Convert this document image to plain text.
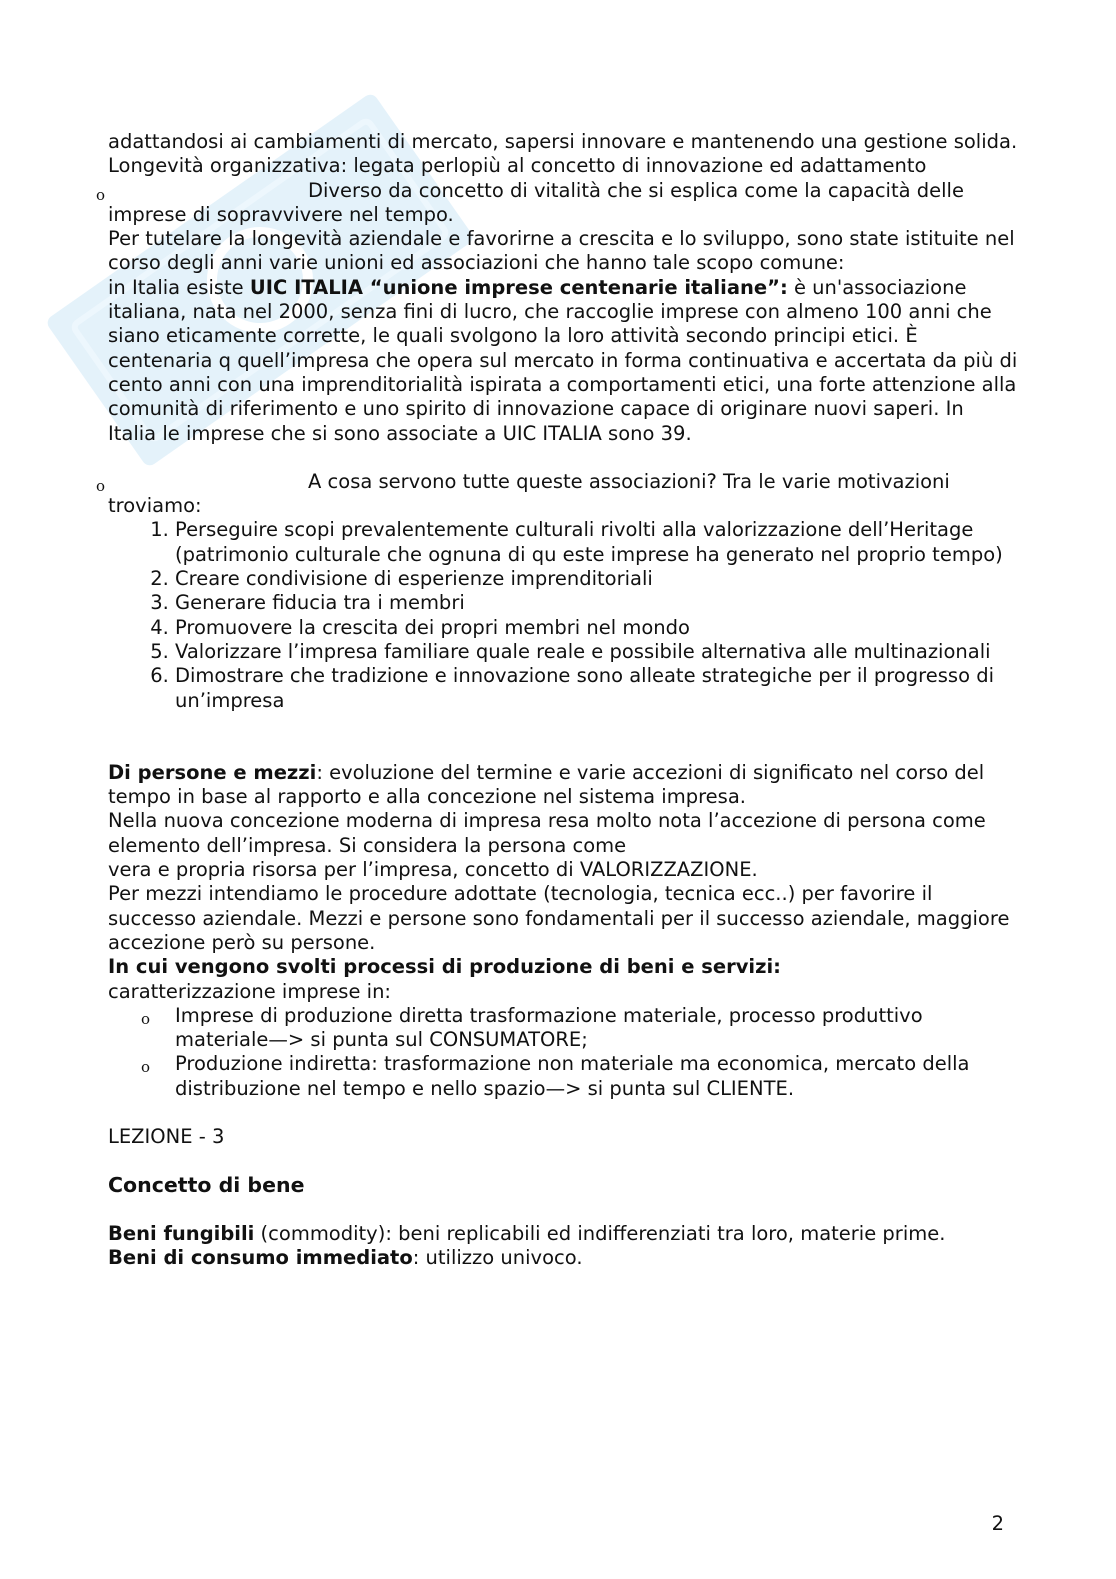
adattandosi ai cambiamenti di mercato, sapersi innovare e mantenendo una gestione solida.

Longevità organizzativa: legata perlopiù al concetto di innovazione ed adattamento

o	Diverso da concetto di vitalità che si esplica come la capacità delle imprese di sopravvivere nel tempo.

Per tutelare la longevità aziendale e favorirne a crescita e lo sviluppo, sono state istituite nel corso degli anni varie unioni ed associazioni che hanno tale scopo comune:

in Italia esiste UIC ITALIA “unione imprese centenarie italiane”: è un'associazione italiana, nata nel 2000, senza fini di lucro, che raccoglie imprese con almeno 100 anni che siano eticamente corrette, le quali svolgono la loro attività secondo principi etici. È centenaria q quell’impresa che opera sul mercato in forma continuativa e accertata da più di cento anni con una imprenditorialità ispirata a comportamenti etici, una forte attenzione alla comunità di riferimento e uno spirito di innovazione capace di originare nuovi saperi. In Italia le imprese che si sono associate a UIC ITALIA sono 39.

o	A cosa servono tutte queste associazioni? Tra le varie motivazioni troviamo:

1. Perseguire scopi prevalentemente culturali rivolti alla valorizzazione dell’Heritage (patrimonio culturale che ognuna di qu este imprese ha generato nel proprio tempo)
2. Creare condivisione di esperienze imprenditoriali
3. Generare fiducia tra i membri
4. Promuovere la crescita dei propri membri nel mondo
5. Valorizzare l’impresa familiare quale reale e possibile alternativa alle multinazionali
6. Dimostrare che tradizione e innovazione sono alleate strategiche per il progresso di un’impresa

Di persone e mezzi: evoluzione del termine e varie accezioni di significato nel corso del tempo in base al rapporto e alla concezione nel sistema impresa.

Nella nuova concezione moderna di impresa resa molto nota l’accezione di persona come elemento dell’impresa. Si considera la persona come

vera e propria risorsa per l’impresa, concetto di VALORIZZAZIONE.

Per mezzi intendiamo le procedure adottate (tecnologia, tecnica ecc..) per favorire il successo aziendale. Mezzi e persone sono fondamentali per il successo aziendale, maggiore accezione però su persone.

In cui vengono svolti processi di produzione di beni e servizi:

caratterizzazione imprese in:

o Imprese di produzione diretta trasformazione materiale, processo produttivo materiale—> si punta sul CONSUMATORE;
o Produzione indiretta: trasformazione non materiale ma economica, mercato della distribuzione nel tempo e nello spazio—> si punta sul CLIENTE.

LEZIONE - 3

Concetto di bene

Beni fungibili (commodity): beni replicabili ed indifferenziati tra loro, materie prime.

Beni di consumo immediato: utilizzo univoco.

2
